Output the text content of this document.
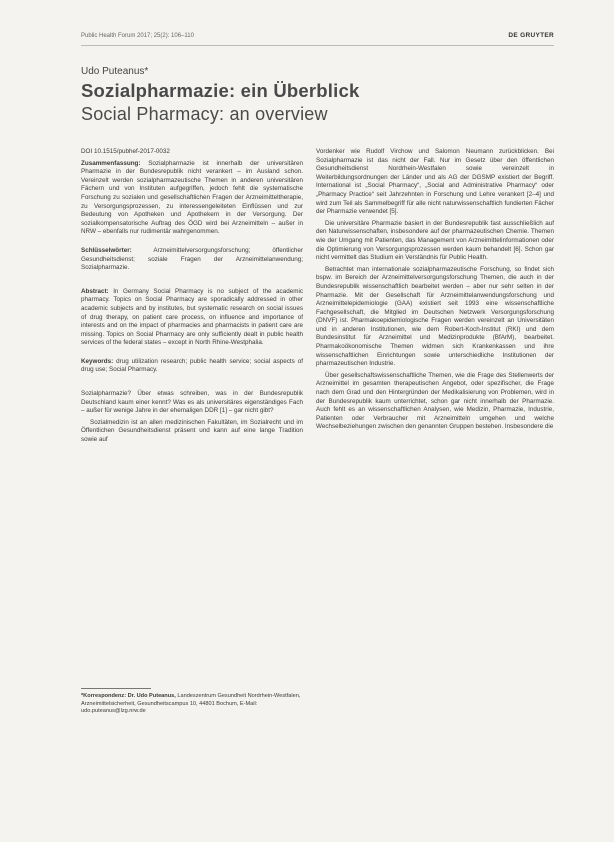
Public Health Forum 2017; 25(2): 106–110	DE GRUYTER
Udo Puteanus*
Sozialpharmazie: ein Überblick
Social Pharmacy: an overview

DOI 10.1515/pubhef-2017-0032

Zusammenfassung: Sozialpharmazie ist innerhalb der universitären Pharmazie in der Bundesrepublik nicht verankert – im Ausland schon. Vereinzelt werden sozialpharmazeutische Themen in anderen universitären Fächern und von Instituten aufgegriffen, jedoch fehlt die systematische Forschung zu sozialen und gesellschaftlichen Fragen der Arzneimitteltherapie, zu Versorgungsprozessen, zu interessengeleiteten Einflüssen und zur Bedeutung von Apotheken und Apothekern in der Versorgung. Der sozialkompensatorische Auftrag des ÖGD wird bei Arzneimitteln – außer in NRW – ebenfalls nur rudimentär wahrgenommen.

Schlüsselwörter:	Arzneimittelversorgungsforschung; öffentlicher Gesundheitsdienst; soziale Fragen der Arzneimittelanwendung; Sozialpharmazie.

Abstract: In Germany Social Pharmacy is no subject of the academic pharmacy. Topics on Social Pharmacy are sporadically addressed in other academic subjects and by institutes, but systematic research on social issues of drug therapy, on patient care process, on influence and importance of interests and on the impact of pharmacies and pharmacists in patient care are missing. Topics on Social Pharmacy are only sufficiently dealt in public health services of the federal states – except in North Rhine-Westphalia.

Keywords: drug utilization research; public health service; social aspects of drug use; Social Pharmacy.

Sozialpharmazie? Über etwas schreiben, was in der Bundesrepublik Deutschland kaum einer kennt? Was es als universitäres eigenständiges Fach – außer für wenige Jahre in der ehemaligen DDR [1] – gar nicht gibt?

Sozialmedizin ist an allen medizinischen Fakultäten, im Sozialrecht und im Öffentlichen Gesundheitsdienst präsent und kann auf eine lange Tradition sowie auf

*Korrespondenz: Dr. Udo Puteanus, Landeszentrum Gesundheit Nordrhein-Westfalen, Arzneimittelsicherheit, Gesundheitscampus 10, 44801 Bochum, E-Mail: udo.puteanus@lzg.nrw.de

Vordenker wie Rudolf Virchow und Salomon Neumann zurückblicken. Bei Sozialpharmazie ist das nicht der Fall. Nur im Gesetz über den öffentlichen Gesundheitsdienst Nordrhein-Westfalen sowie vereinzelt in Weiterbildungsordnungen der Länder und als AG der DGSMP existiert der Begriff. International ist „Social Pharmacy“, „Social and Administrative Pharmacy“ oder „Pharmacy Practice“ seit Jahrzehnten in Forschung und Lehre verankert [2–4] und wird zum Teil als Sammelbegriff für alle nicht naturwissenschaftlich fundierten Fächer der Pharmazie verwendet [5].

Die universitäre Pharmazie basiert in der Bundesrepublik fast ausschließlich auf den Naturwissenschaften, insbesondere auf der pharmazeutischen Chemie. Themen wie der Umgang mit Patienten, das Management von Arzneimittelinformationen oder die Optimierung von Versorgungsprozessen werden kaum behandelt [6]. Schon gar nicht vermittelt das Studium ein Verständnis für Public Health.

Betrachtet man internationale sozialpharmazeutische Forschung, so findet sich bspw. im Bereich der Arzneimittelversorgungsforschung Themen, die auch in der Bundesrepublik wissenschaftlich bearbeitet werden – aber nur sehr selten in der Pharmazie. Mit der Gesellschaft für Arzneimittelanwendungsforschung und Arzneimittelepidemiologie (GAA) existiert seit 1993 eine wissenschaftliche Fachgesellschaft, die Mitglied im Deutschen Netzwerk Versorgungsforschung (DNVF) ist. Pharmakoepidemiologische Fragen werden vereinzelt an Universitäten und in anderen Institutionen, wie dem Robert-Koch-Institut (RKI) und dem Bundesinstitut für Arzneimittel und Medizinprodukte (BfArM), bearbeitet. Pharmakoökonomische Themen widmen sich Krankenkassen und ihre wissenschaftlichen Einrichtungen sowie unterschiedliche Institutionen der pharmazeutischen Industrie.

Über gesellschaftswissenschaftliche Themen, wie die Frage des Stellenwerts der Arzneimittel im gesamten therapeutischen Angebot, oder spezifischer, die Frage nach dem Grad und den Hintergründen der Medikalisierung von Problemen, wird in der Bundesrepublik kaum unterrichtet, schon gar nicht innerhalb der Pharmazie. Auch fehlt es an wissenschaftlichen Analysen, wie Medizin, Pharmazie, Industrie, Patienten oder Verbraucher mit Arzneimitteln umgehen und welche Wechselbeziehungen zwischen den genannten Gruppen bestehen. Insbesondere die
